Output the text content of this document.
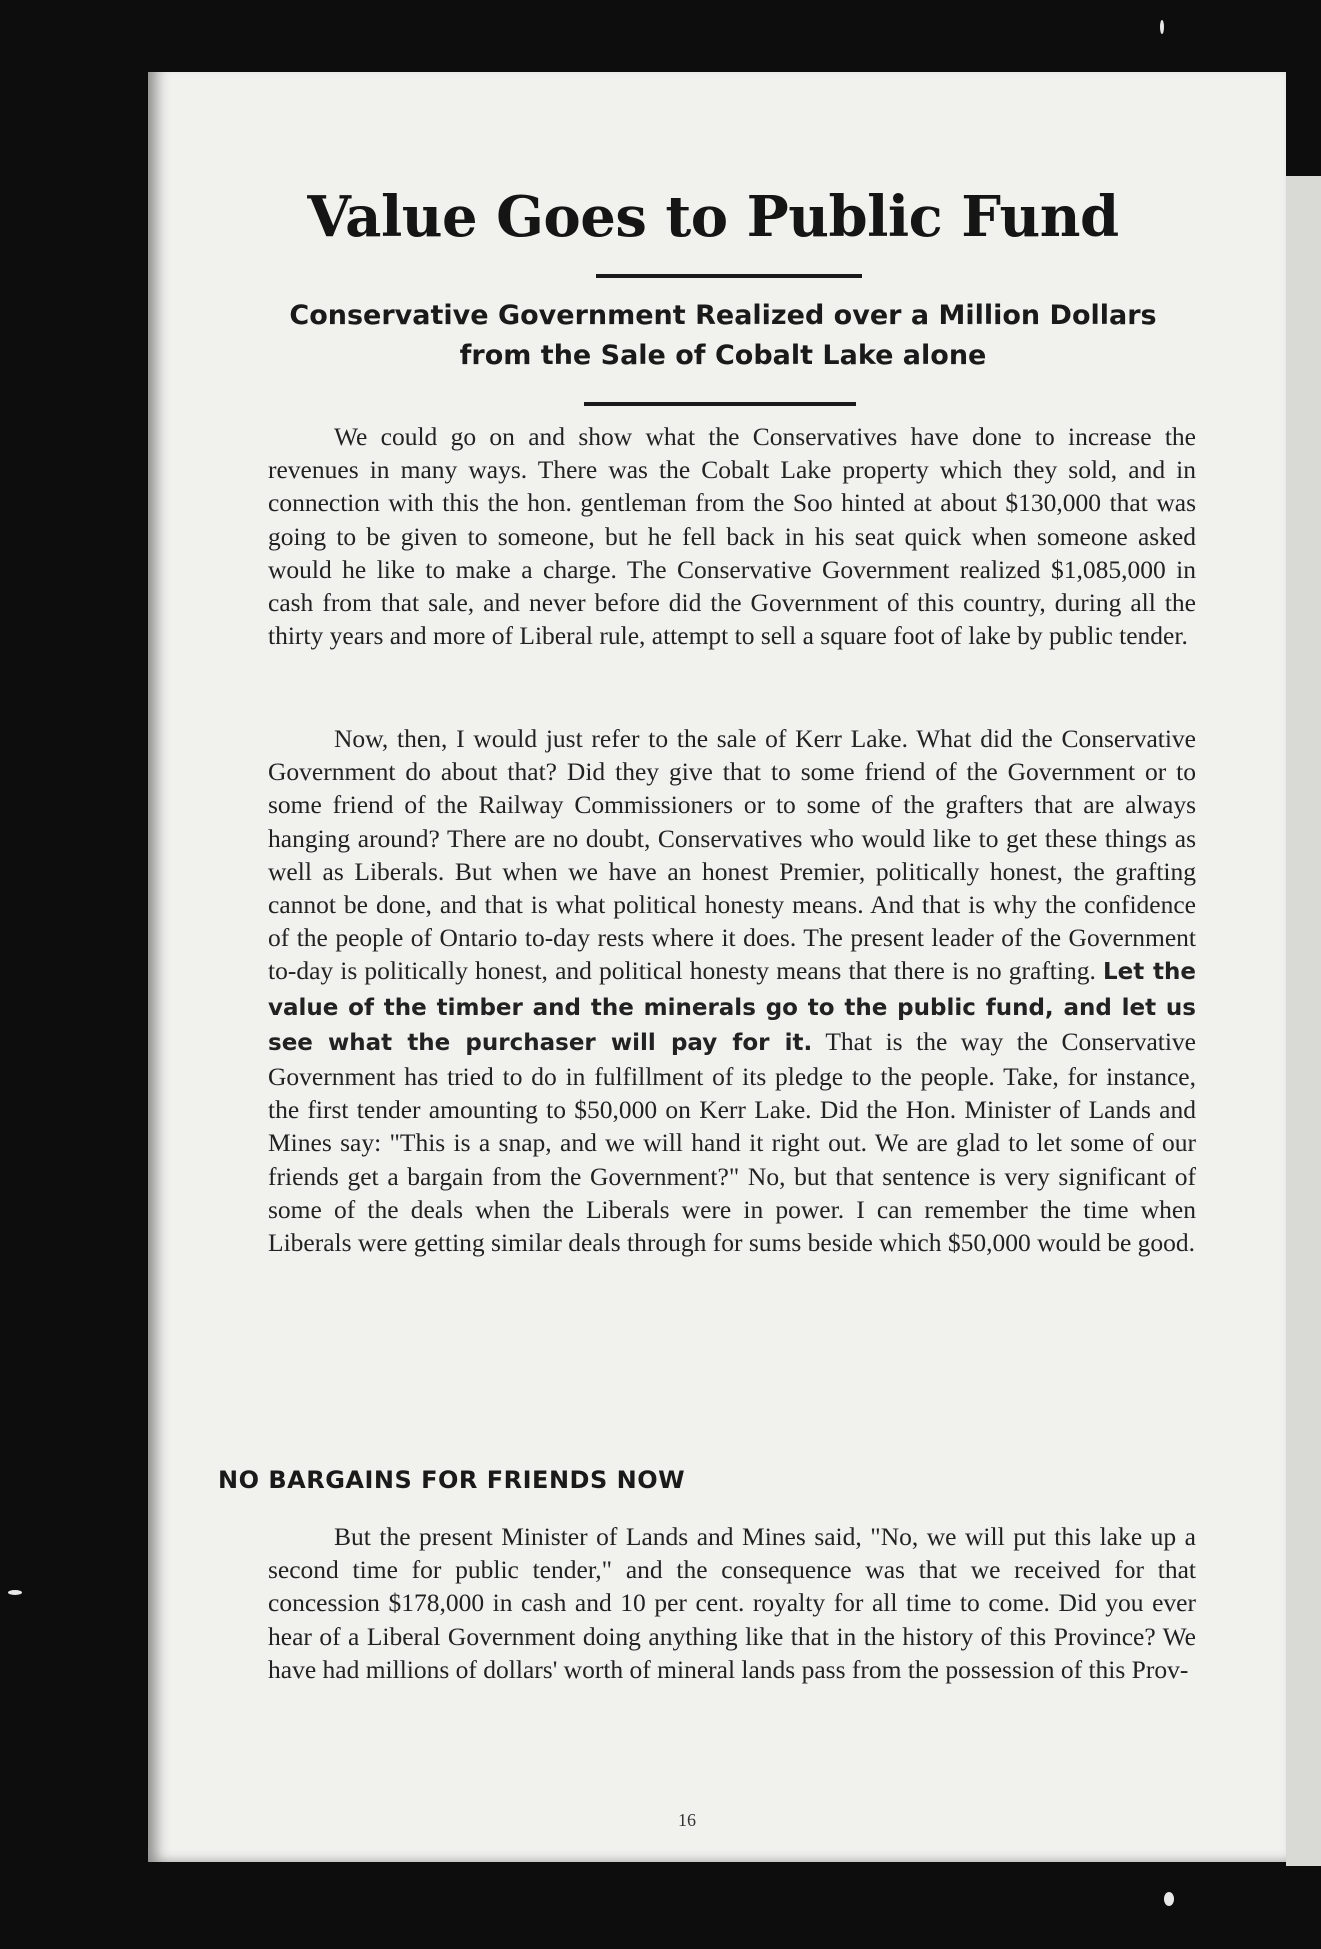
Value Goes to Public Fund
Conservative Government Realized over a Million Dollars
from the Sale of Cobalt Lake alone

We could go on and show what the Conservatives have done to increase the revenues in many ways. There was the Cobalt Lake property which they sold, and in connection with this the hon. gentleman from the Soo hinted at about $130,000 that was going to be given to someone, but he fell back in his seat quick when someone asked would he like to make a charge. The Conservative Government realized $1,085,000 in cash from that sale, and never before did the Government of this country, during all the thirty years and more of Liberal rule, attempt to sell a square foot of lake by public tender.

Now, then, I would just refer to the sale of Kerr Lake. What did the Conservative Government do about that? Did they give that to some friend of the Government or to some friend of the Railway Commissioners or to some of the grafters that are always hanging around? There are no doubt, Conservatives who would like to get these things as well as Liberals. But when we have an honest Premier, politically honest, the grafting cannot be done, and that is what political honesty means. And that is why the confidence of the people of Ontario to-day rests where it does. The present leader of the Government to-day is politically honest, and political honesty means that there is no grafting. Let the value of the timber and the minerals go to the public fund, and let us see what the purchaser will pay for it. That is the way the Conservative Government has tried to do in fulfillment of its pledge to the people. Take, for instance, the first tender amounting to $50,000 on Kerr Lake. Did the Hon. Minister of Lands and Mines say: "This is a snap, and we will hand it right out. We are glad to let some of our friends get a bargain from the Government?" No, but that sentence is very significant of some of the deals when the Liberals were in power. I can remember the time when Liberals were getting similar deals through for sums beside which $50,000 would be good.

NO BARGAINS FOR FRIENDS NOW

But the present Minister of Lands and Mines said, "No, we will put this lake up a second time for public tender," and the consequence was that we received for that concession $178,000 in cash and 10 per cent. royalty for all time to come. Did you ever hear of a Liberal Government doing anything like that in the history of this Province? We have had millions of dollars' worth of mineral lands pass from the possession of this Prov-

16
